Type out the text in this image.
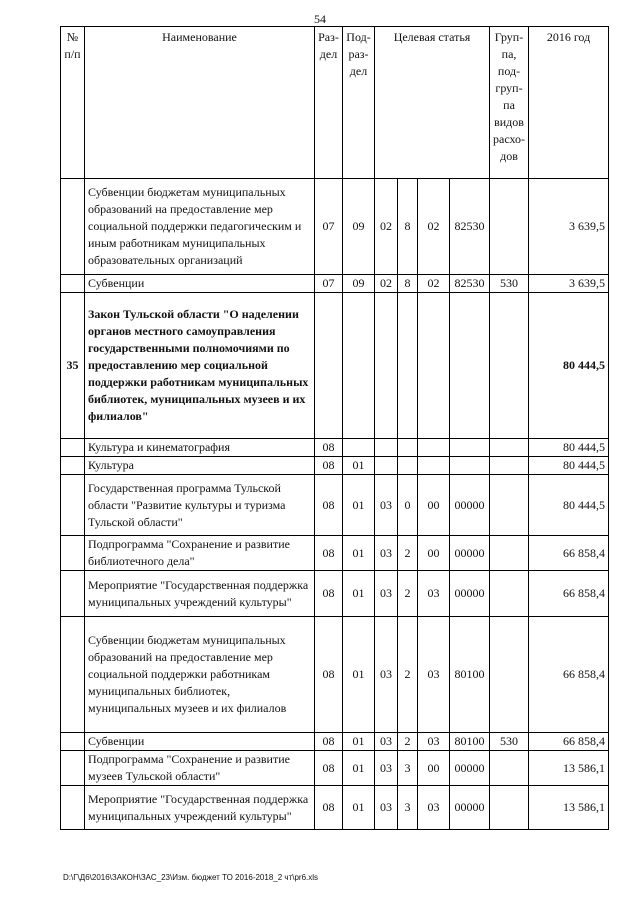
54
№ п/п	Наименование	Раз-дел	Под-раз-дел	Целевая статья				Груп-па, под-груп-па видов расхо-дов	2016 год
	Субвенции бюджетам муниципальных образований на предоставление мер социальной поддержки педагогическим и иным работникам муниципальных образовательных организаций	07	09	02	8	02	82530		3 639,5
	Субвенции	07	09	02	8	02	82530	530	3 639,5
35	Закон Тульской области "О наделении органов местного самоуправления государственными полномочиями по предоставлению мер социальной поддержки работникам муниципальных библиотек, муниципальных музеев и их филиалов"								80 444,5
	Культура и кинематография	08							80 444,5
	Культура	08	01						80 444,5
	Государственная программа Тульской области "Развитие культуры и туризма Тульской области"	08	01	03	0	00	00000		80 444,5
	Подпрограмма "Сохранение и развитие библиотечного дела"	08	01	03	2	00	00000		66 858,4
	Мероприятие "Государственная поддержка муниципальных учреждений культуры"	08	01	03	2	03	00000		66 858,4
	Субвенции бюджетам муниципальных образований на предоставление мер социальной поддержки работникам муниципальных библиотек, муниципальных музеев и их филиалов	08	01	03	2	03	80100		66 858,4
	Субвенции	08	01	03	2	03	80100	530	66 858,4
	Подпрограмма "Сохранение и развитие музеев Тульской области"	08	01	03	3	00	00000		13 586,1
	Мероприятие "Государственная поддержка муниципальных учреждений культуры"	08	01	03	3	03	00000		13 586,1
D:\Г\Д6\2016\ЗАКОН\ЗАС_23\Изм. бюджет ТО 2016-2018_2 чт\pr6.xls
